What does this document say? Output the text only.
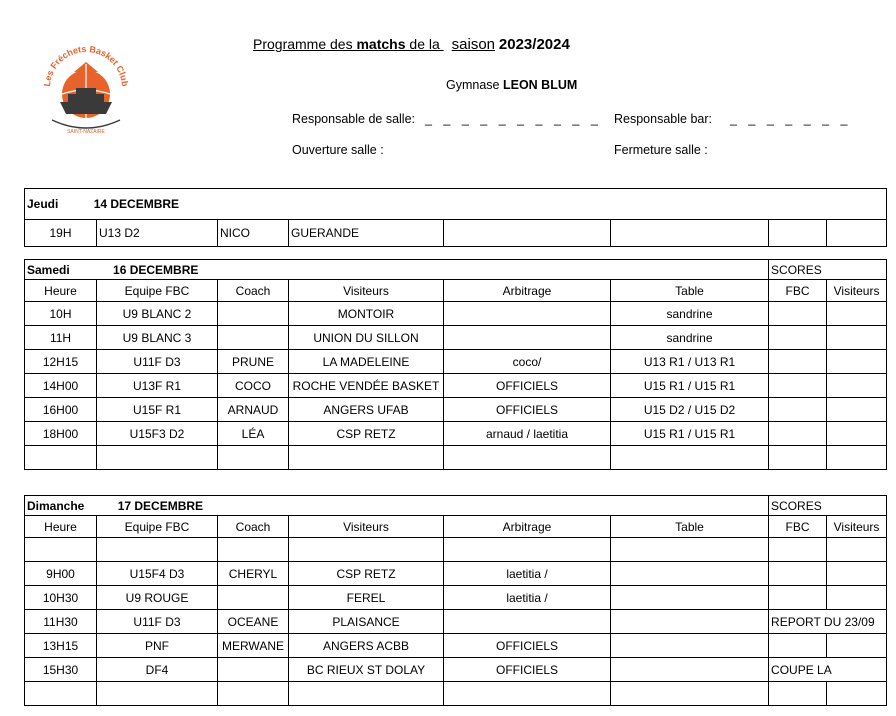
Les Fréchets Basket Club
SAINT-NAZAIRE
Programme des matchs de la saison 2023/2024
Gymnase LEON BLUM
Responsable de salle: _ _ _ _ _ _ _ _ _ _ Responsable bar: _ _ _ _ _ _ _
Ouverture salle :	Fermeture salle :
Jeudi	14 DECEMBRE
19H	U13 D2	NICO	GUERANDE				
Samedi 16 DECEMBRE						SCORES	
Heure	Equipe FBC	Coach	Visiteurs	Arbitrage	Table	FBC	Visiteurs
10H	U9 BLANC 2		MONTOIR		sandrine		
11H	U9 BLANC 3		UNION DU SILLON		sandrine		
12H15	U11F D3	PRUNE	LA MADELEINE	coco/	U13 R1 / U13 R1		
14H00	U13F R1	COCO	ROCHE VENDÉE BASKET	OFFICIELS	U15 R1 / U15 R1		
16H00	U15F R1	ARNAUD	ANGERS UFAB	OFFICIELS	U15 D2 / U15 D2		
18H00	U15F3 D2	LÉA	CSP RETZ	arnaud / laetitia	U15 R1 / U15 R1		

Dimanche 17 DECEMBRE						SCORES	
Heure	Equipe FBC	Coach	Visiteurs	Arbitrage	Table	FBC	Visiteurs

9H00	U15F4 D3	CHERYL	CSP RETZ	laetitia /			
10H30	U9 ROUGE		FEREL	laetitia /			
11H30	U11F D3	OCEANE	PLAISANCE			REPORT DU 23/09	
13H15	PNF	MERWANE	ANGERS ACBB	OFFICIELS			
15H30	DF4		BC RIEUX ST DOLAY	OFFICIELS		COUPE LA	
